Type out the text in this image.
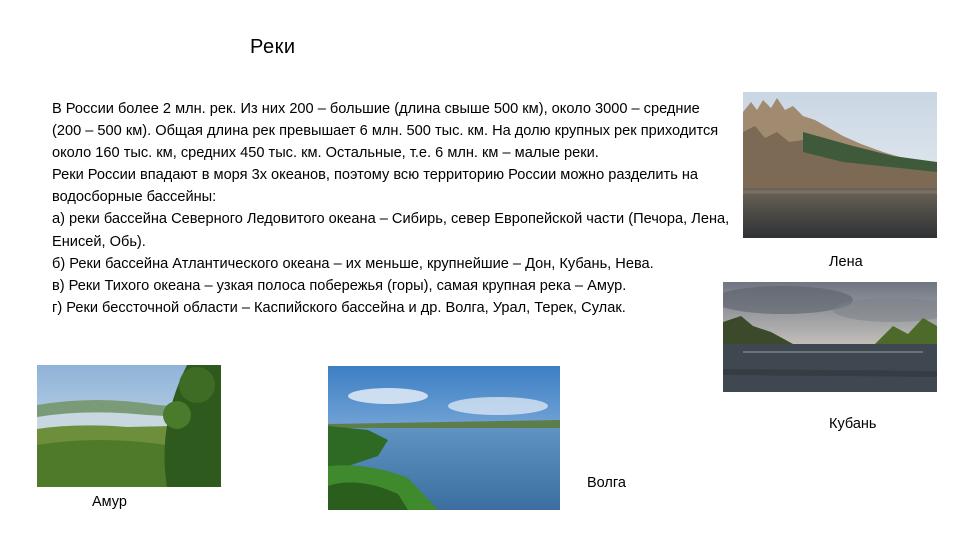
Реки

В России более 2 млн. рек. Из них 200 – большие (длина свыше 500 км), около 3000 – средние (200 – 500 км). Общая длина рек превышает 6 млн. 500 тыс. км. На долю крупных рек приходится около 160 тыс. км, средних 450 тыс. км. Остальные, т.е. 6 млн. км – малые реки.

Реки России впадают в моря 3х океанов, поэтому всю территорию России можно разделить на водосборные бассейны:

а) реки бассейна Северного Ледовитого океана – Сибирь, север Европейской части (Печора, Лена, Енисей, Обь).

б) Реки бассейна Атлантического океана – их меньше, крупнейшие – Дон, Кубань, Нева.

в) Реки Тихого океана – узкая полоса побережья (горы), самая крупная река – Амур.

г) Реки бессточной области – Каспийского бассейна и др. Волга, Урал, Терек, Сулак.

Лена
Кубань
Амур
Волга
